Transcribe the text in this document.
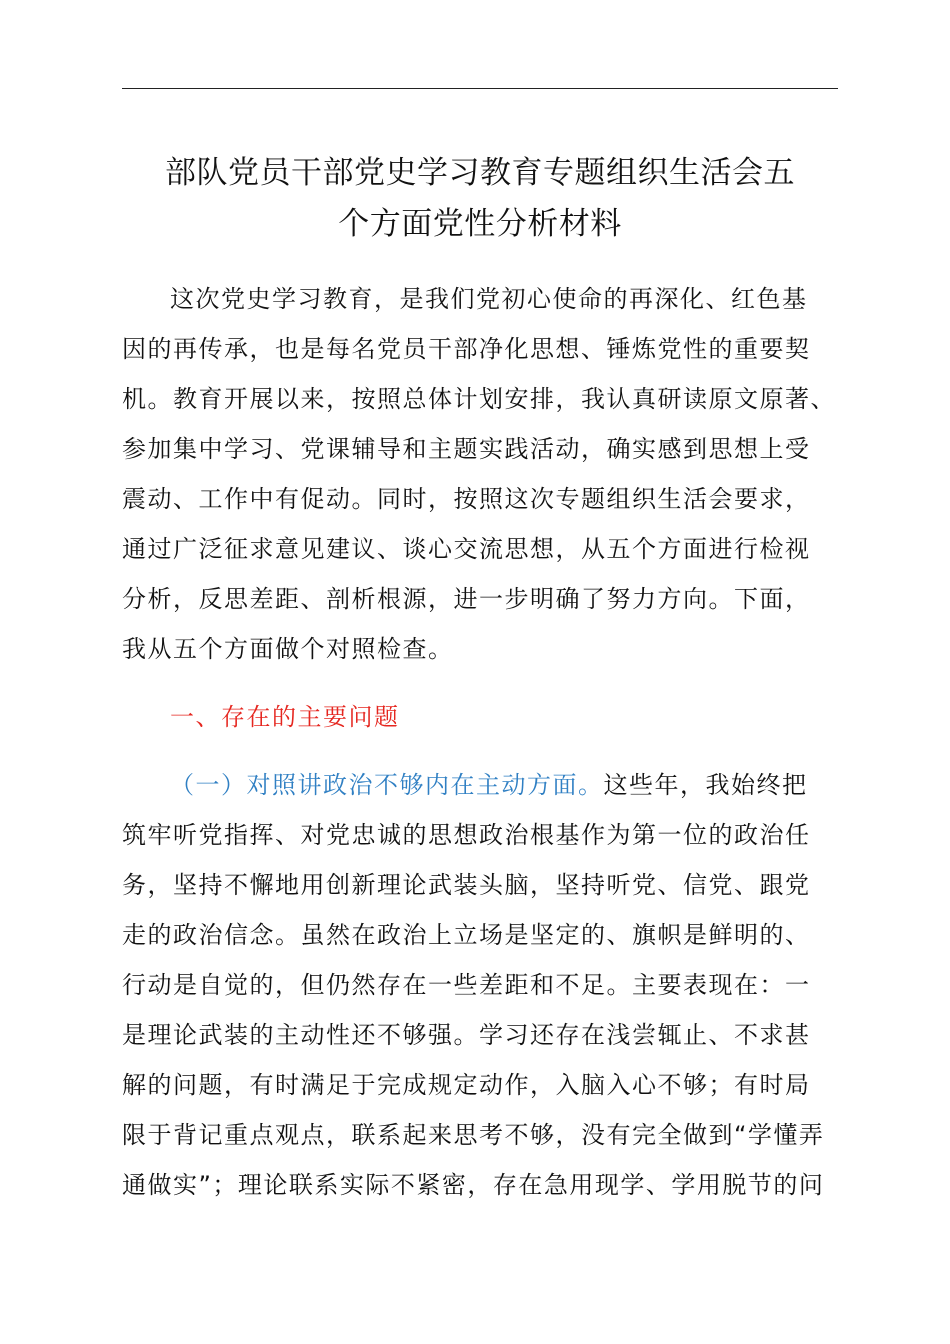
部队党员干部党史学习教育专题组织生活会五
个方面党性分析材料
这次党史学习教育，是我们党初心使命的再深化、红色基
因的再传承，也是每名党员干部净化思想、锤炼党性的重要契
机。教育开展以来，按照总体计划安排，我认真研读原文原著、
参加集中学习、党课辅导和主题实践活动，确实感到思想上受
震动、工作中有促动。同时，按照这次专题组织生活会要求，
通过广泛征求意见建议、谈心交流思想，从五个方面进行检视
分析，反思差距、剖析根源，进一步明确了努力方向。下面，
我从五个方面做个对照检查。
一、存在的主要问题
（一）对照讲政治不够内在主动方面。这些年，我始终把
筑牢听党指挥、对党忠诚的思想政治根基作为第一位的政治任
务，坚持不懈地用创新理论武装头脑，坚持听党、信党、跟党
走的政治信念。虽然在政治上立场是坚定的、旗帜是鲜明的、
行动是自觉的，但仍然存在一些差距和不足。主要表现在：一
是理论武装的主动性还不够强。学习还存在浅尝辄止、不求甚
解的问题，有时满足于完成规定动作，入脑入心不够；有时局
限于背记重点观点，联系起来思考不够，没有完全做到“学懂弄
通做实”；理论联系实际不紧密，存在急用现学、学用脱节的问
